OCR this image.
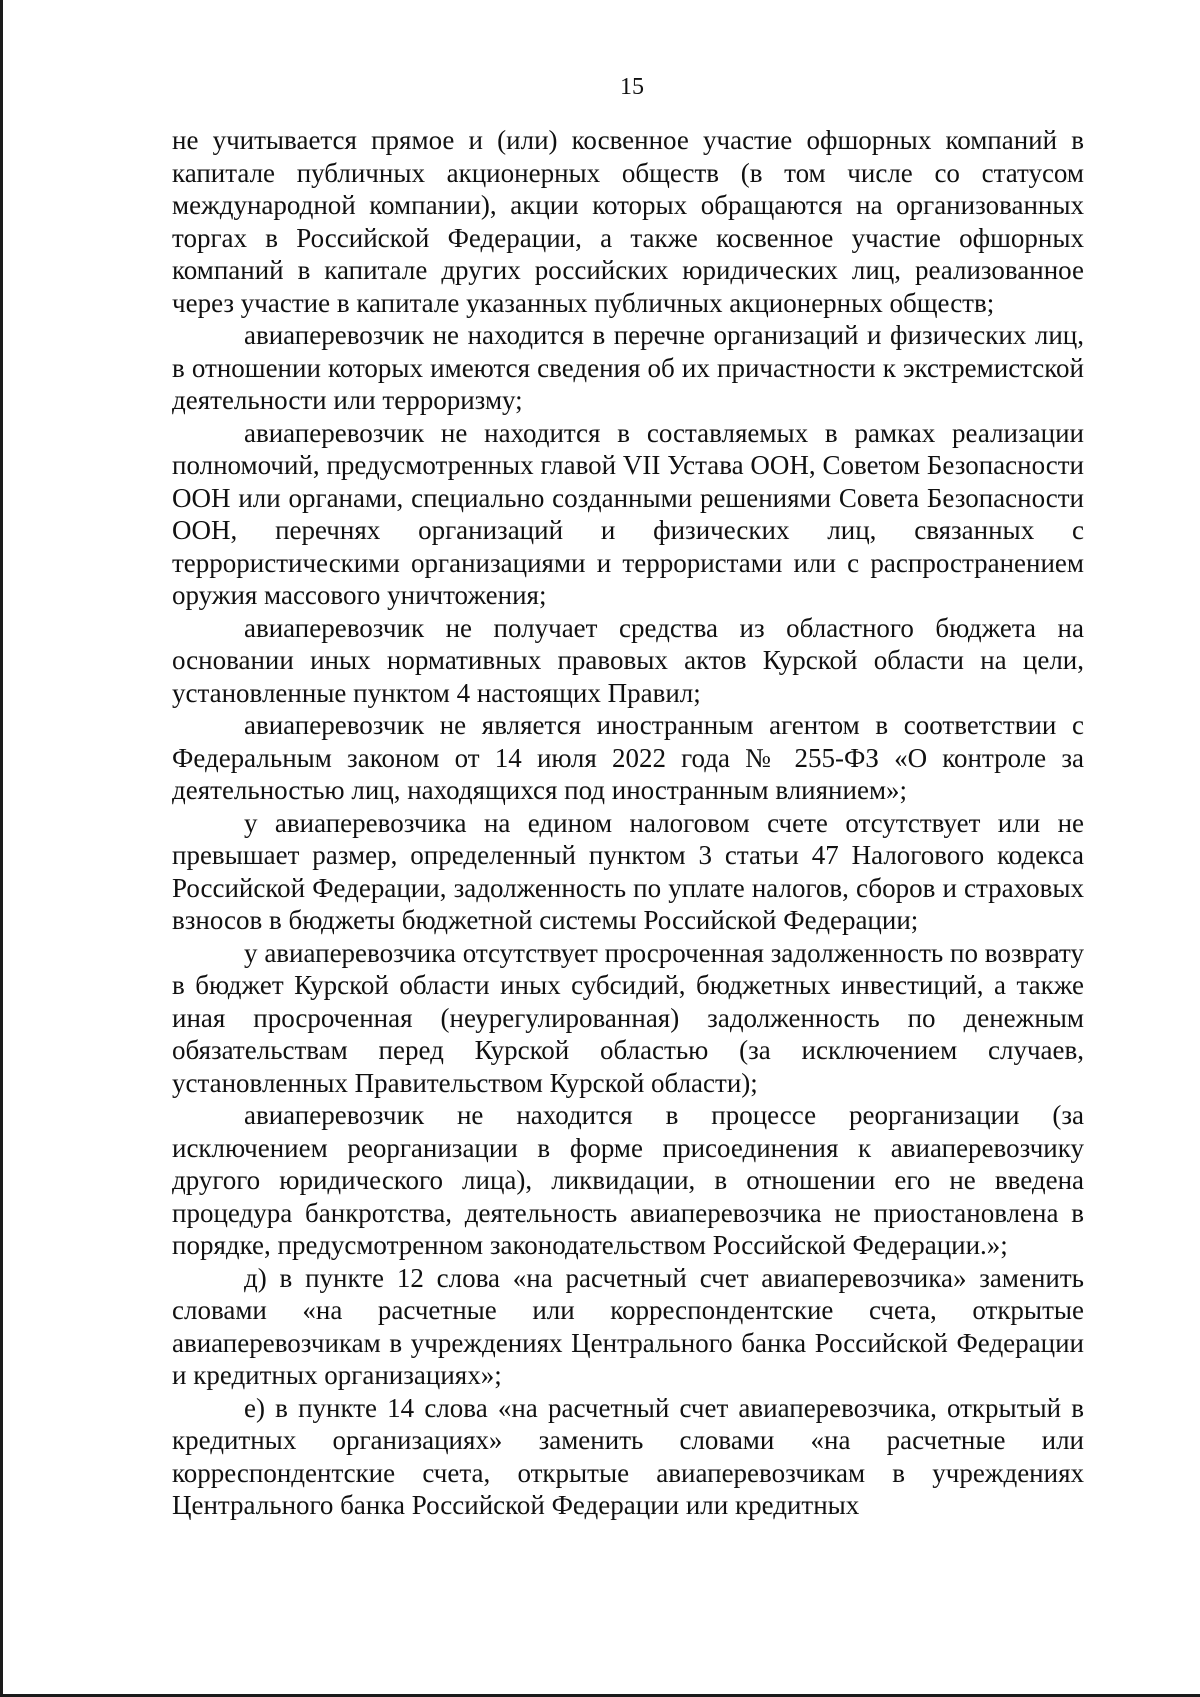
15

не учитывается прямое и (или) косвенное участие офшорных компаний в капитале публичных акционерных обществ (в том числе со статусом международной компании), акции которых обращаются на организованных торгах в Российской Федерации, а также косвенное участие офшорных компаний в капитале других российских юридических лиц, реализованное через участие в капитале указанных публичных акционерных обществ;

авиаперевозчик не находится в перечне организаций и физических лиц, в отношении которых имеются сведения об их причастности к экстремистской деятельности или терроризму;

авиаперевозчик не находится в составляемых в рамках реализации полномочий, предусмотренных главой VII Устава ООН, Советом Безопасности ООН или органами, специально созданными решениями Совета Безопасности ООН, перечнях организаций и физических лиц, связанных с террористическими организациями и террористами или с распространением оружия массового уничтожения;

авиаперевозчик не получает средства из областного бюджета на основании иных нормативных правовых актов Курской области на цели, установленные пунктом 4 настоящих Правил;

авиаперевозчик не является иностранным агентом в соответствии с Федеральным законом от 14 июля 2022 года № 255-ФЗ «О контроле за деятельностью лиц, находящихся под иностранным влиянием»;

у авиаперевозчика на едином налоговом счете отсутствует или не превышает размер, определенный пунктом 3 статьи 47 Налогового кодекса Российской Федерации, задолженность по уплате налогов, сборов и страховых взносов в бюджеты бюджетной системы Российской Федерации;

у авиаперевозчика отсутствует просроченная задолженность по возврату в бюджет Курской области иных субсидий, бюджетных инвестиций, а также иная просроченная (неурегулированная) задолженность по денежным обязательствам перед Курской областью (за исключением случаев, установленных Правительством Курской области);

авиаперевозчик не находится в процессе реорганизации (за исключением реорганизации в форме присоединения к авиаперевозчику другого юридического лица), ликвидации, в отношении его не введена процедура банкротства, деятельность авиаперевозчика не приостановлена в порядке, предусмотренном законодательством Российской Федерации.»;

д) в пункте 12 слова «на расчетный счет авиаперевозчика» заменить словами «на расчетные или корреспондентские счета, открытые авиаперевозчикам в учреждениях Центрального банка Российской Федерации и кредитных организациях»;

е) в пункте 14 слова «на расчетный счет авиаперевозчика, открытый в кредитных организациях» заменить словами «на расчетные или корреспондентские счета, открытые авиаперевозчикам в учреждениях Центрального банка Российской Федерации или кредитных
